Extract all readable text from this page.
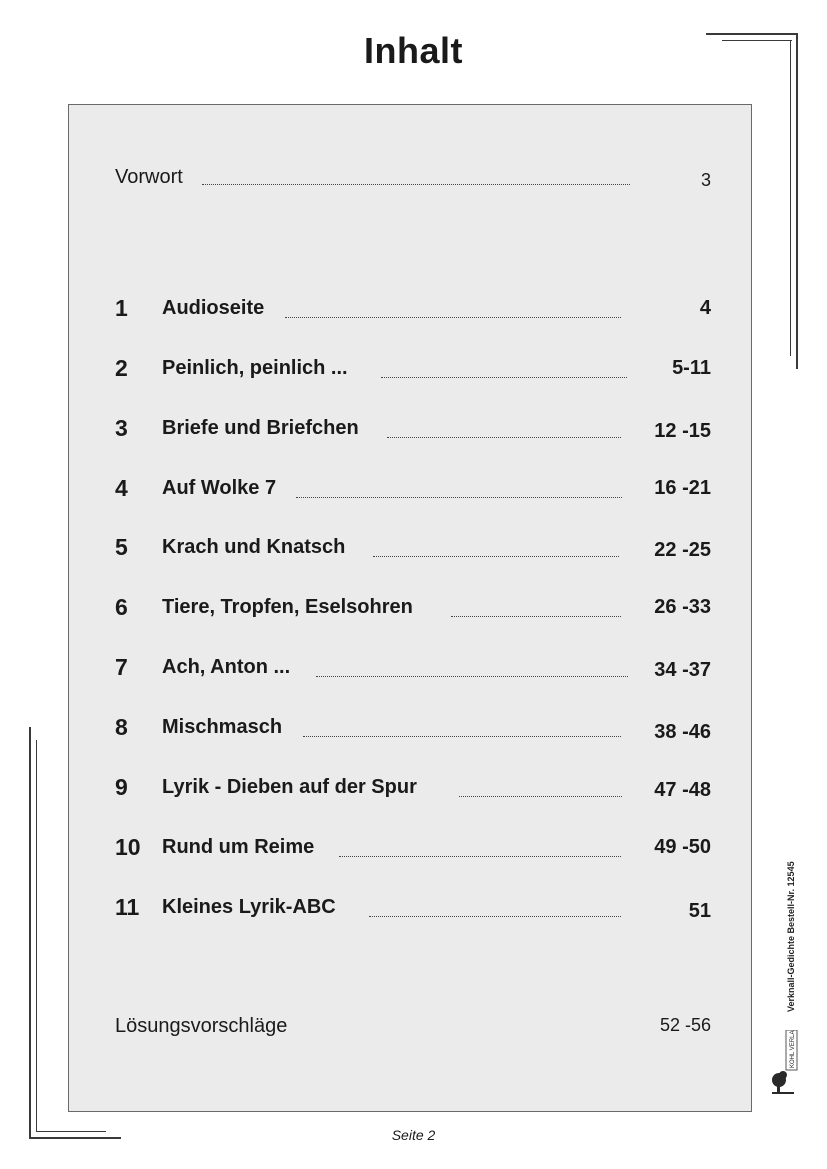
Inhalt
Vorwort	3
1 Audioseite	4
2 Peinlich, peinlich ...	5-11
3 Briefe und Briefchen	12 -15
4 Auf Wolke 7	16 -21
5 Krach und Knatsch	22 -25
6 Tiere, Tropfen, Eselsohren	26 -33
7 Ach, Anton ...	34 -37
8 Mischmasch	38 -46
9 Lyrik - Dieben auf der Spur	47 -48
10 Rund um Reime	49 -50
11 Kleines Lyrik-ABC	51
Lösungsvorschläge	52 -56
Seite 2
Verknall-Gedichte Bestell-Nr. 12545
KOHL VERLAG
